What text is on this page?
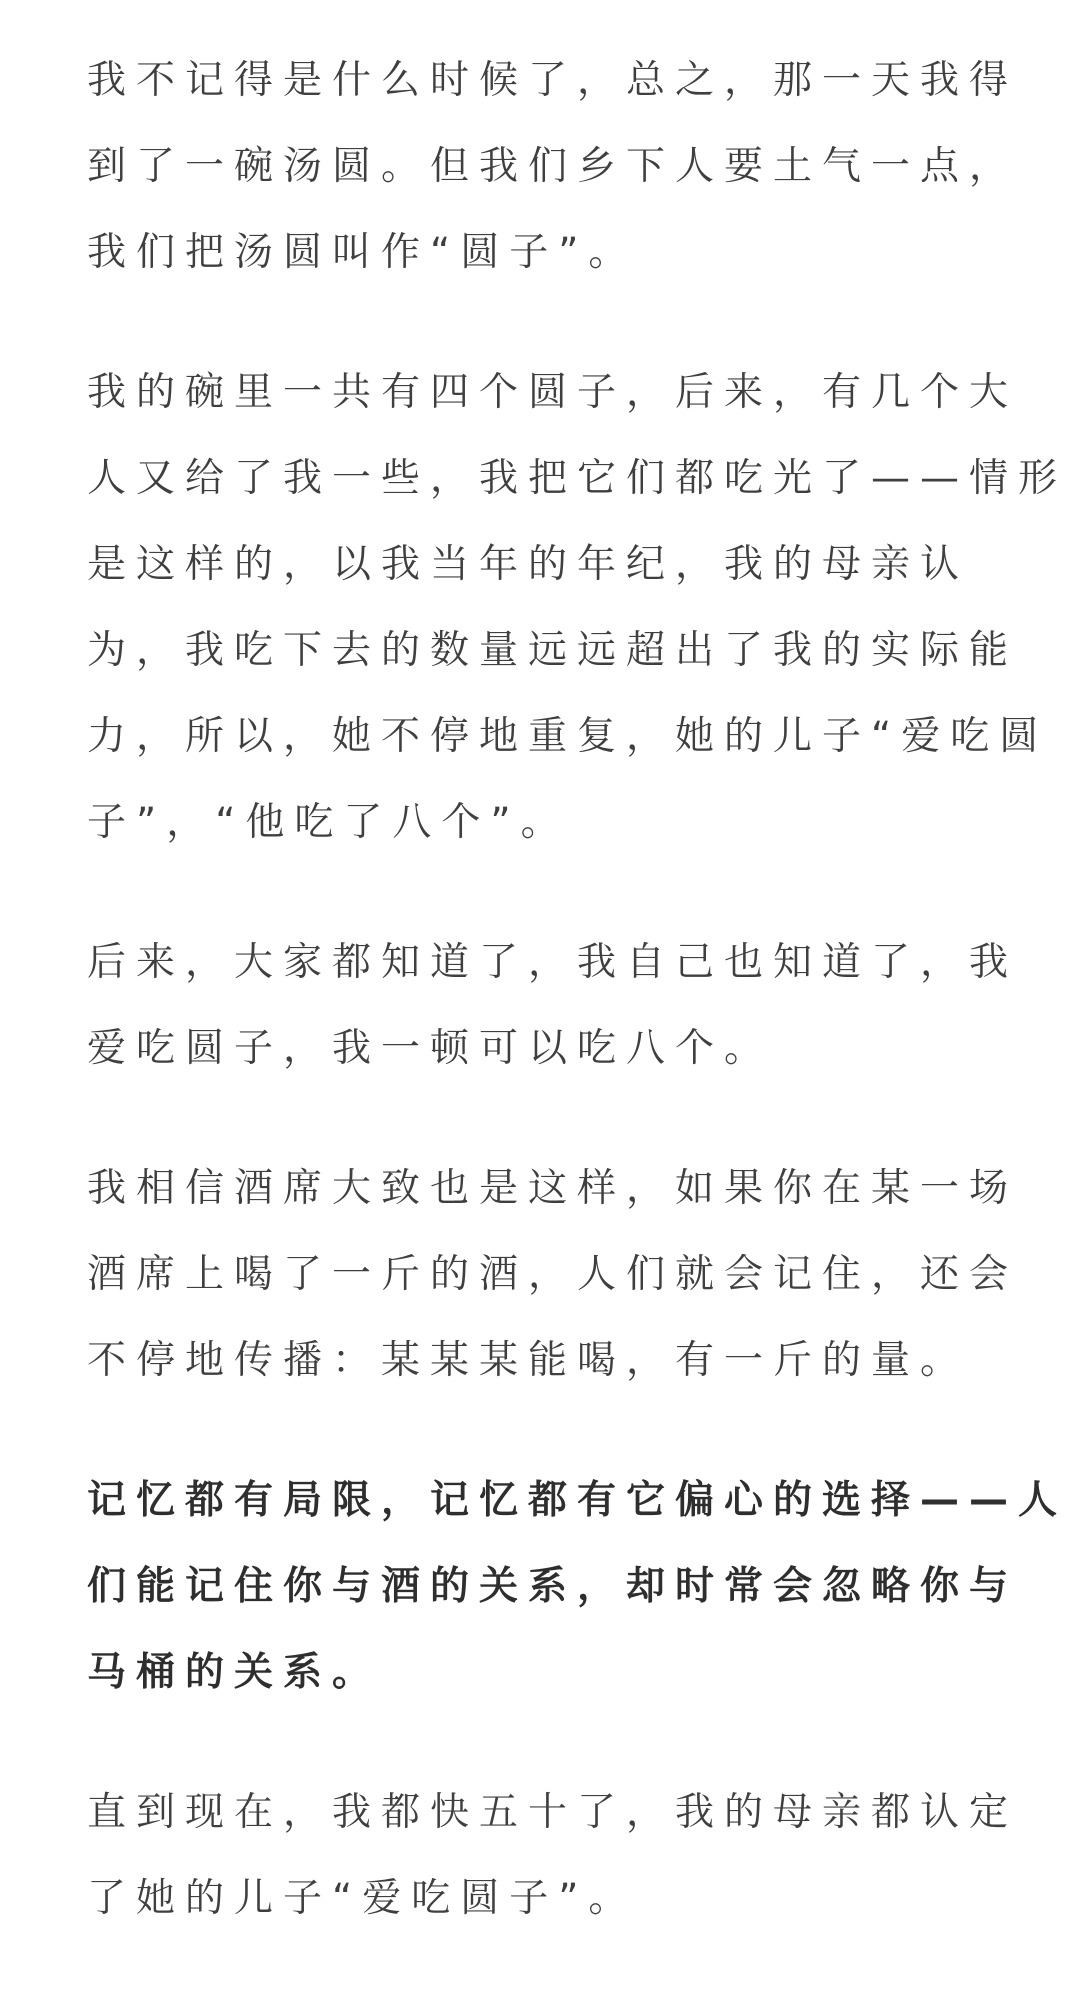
我不记得是什么时候了，总之，那一天我得
到了一碗汤圆。但我们乡下人要土气一点，
我们把汤圆叫作“圆子”。

我的碗里一共有四个圆子，后来，有几个大
人又给了我一些，我把它们都吃光了——情形
是这样的，以我当年的年纪，我的母亲认
为，我吃下去的数量远远超出了我的实际能
力，所以，她不停地重复，她的儿子“爱吃圆
子”，“他吃了八个”。

后来，大家都知道了，我自己也知道了，我
爱吃圆子，我一顿可以吃八个。

我相信酒席大致也是这样，如果你在某一场
酒席上喝了一斤的酒，人们就会记住，还会
不停地传播：某某某能喝，有一斤的量。

记忆都有局限，记忆都有它偏心的选择——人
们能记住你与酒的关系，却时常会忽略你与
马桶的关系。

直到现在，我都快五十了，我的母亲都认定
了她的儿子“爱吃圆子”。
